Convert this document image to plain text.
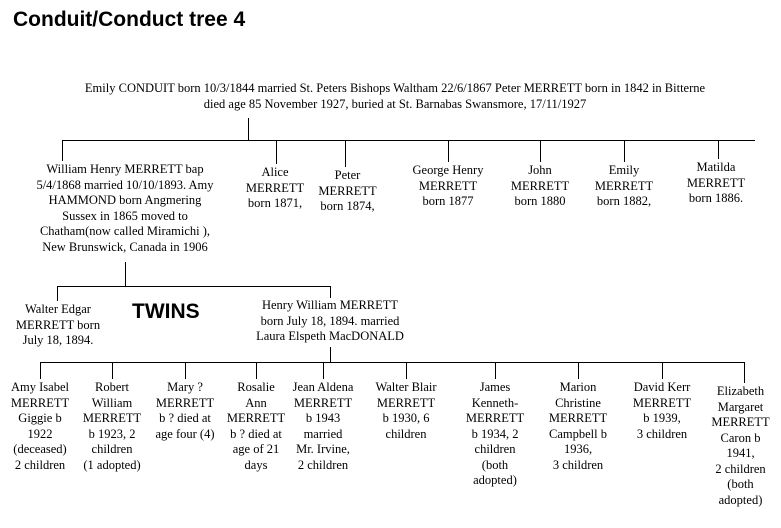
Conduit/Conduct tree 4
Emily CONDUIT born 10/3/1844 married St. Peters Bishops Waltham 22/6/1867 Peter MERRETT born in 1842 in Bitterne
died age 85 November 1927, buried at St. Barnabas Swansmore, 17/11/1927
William Henry MERRETT bap
5/4/1868 married 10/10/1893. Amy
HAMMOND born Angmering
Sussex in 1865 moved to
Chatham(now called Miramichi ),
New Brunswick, Canada in 1906
Alice
MERRETT
born 1871,
Peter
MERRETT
born 1874,
George Henry
MERRETT
born 1877
John
MERRETT
born 1880
Emily
MERRETT
born 1882,
Matilda
MERRETT
born 1886.
TWINS
Walter Edgar
MERRETT born
July 18, 1894.
Henry William MERRETT
born July 18, 1894. married
Laura Elspeth MacDONALD
Amy Isabel
MERRETT
Giggie b
1922
(deceased)
2 children
Robert
William
MERRETT
b 1923, 2
children
(1 adopted)
Mary ?
MERRETT
b ? died at
age four (4)
Rosalie
Ann
MERRETT
b ? died at
age of 21
days
Jean Aldena
MERRETT
b 1943
married
Mr. Irvine,
2 children
Walter Blair
MERRETT
b 1930, 6
children
James
Kenneth-
MERRETT
b 1934, 2
children
(both
adopted)
Marion
Christine
MERRETT
Campbell b
1936,
3 children
David Kerr
MERRETT
b 1939,
3 children
Elizabeth
Margaret
MERRETT
Caron b
1941,
2 children
(both
adopted)
